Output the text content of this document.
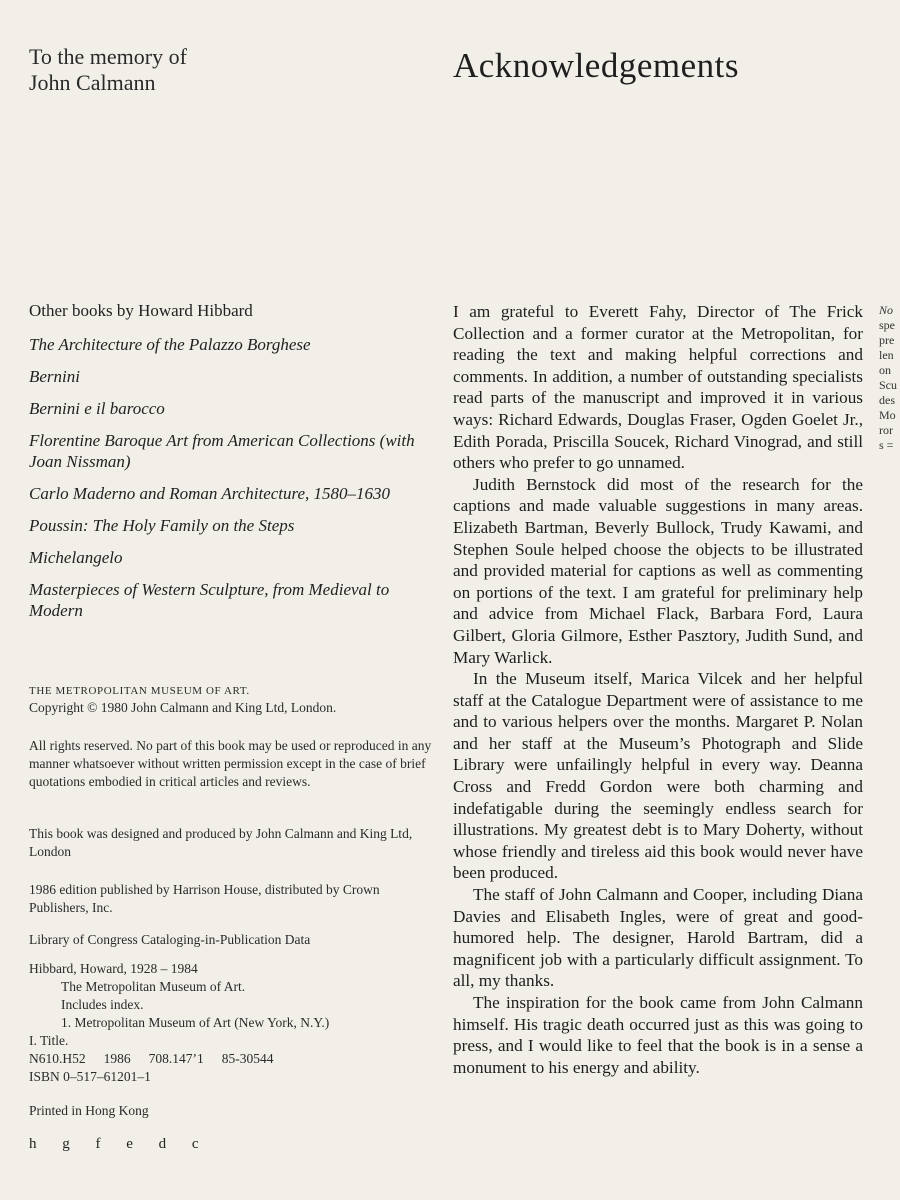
To the memory of
John Calmann	Acknowledgements
Other books by Howard Hibbard
The Architecture of the Palazzo Borghese
Bernini
Bernini e il barocco
Florentine Baroque Art from American Collections (with Joan Nissman)
Carlo Maderno and Roman Architecture, 1580–1630
Poussin: The Holy Family on the Steps
Michelangelo
Masterpieces of Western Sculpture, from Medieval to Modern
THE METROPOLITAN MUSEUM OF ART.
Copyright © 1980 John Calmann and King Ltd, London.
All rights reserved. No part of this book may be used or reproduced in any manner whatsoever without written permission except in the case of brief quotations embodied in critical articles and reviews.
This book was designed and produced by John Calmann and King Ltd, London
1986 edition published by Harrison House, distributed by Crown Publishers, Inc.
Library of Congress Cataloging-in-Publication Data
Hibbard, Howard, 1928 – 1984
The Metropolitan Museum of Art.
Includes index.
1. Metropolitan Museum of Art (New York, N.Y.)
I. Title.
N610.H52 1986 708.147’1 85-30544
ISBN 0–517–61201–1
Printed in Hong Kong
h g f e d c

I am grateful to Everett Fahy, Director of The Frick Collection and a former curator at the Metropolitan, for reading the text and making helpful corrections and comments. In addition, a number of outstanding specialists read parts of the manuscript and improved it in various ways: Richard Edwards, Douglas Fraser, Ogden Goelet Jr., Edith Porada, Priscilla Soucek, Richard Vinograd, and still others who prefer to go unnamed.

Judith Bernstock did most of the research for the captions and made valuable suggestions in many areas. Elizabeth Bartman, Beverly Bullock, Trudy Kawami, and Stephen Soule helped choose the objects to be illustrated and provided material for captions as well as commenting on portions of the text. I am grateful for preliminary help and advice from Michael Flack, Barbara Ford, Laura Gilbert, Gloria Gilmore, Esther Pasztory, Judith Sund, and Mary Warlick.

In the Museum itself, Marica Vilcek and her helpful staff at the Catalogue Department were of assistance to me and to various helpers over the months. Margaret P. Nolan and her staff at the Museum’s Photograph and Slide Library were unfailingly helpful in every way. Deanna Cross and Fredd Gordon were both charming and indefatigable during the seemingly endless search for illustrations. My greatest debt is to Mary Doherty, without whose friendly and tireless aid this book would never have been produced.

The staff of John Calmann and Cooper, including Diana Davies and Elisabeth Ingles, were of great and good-humored help. The designer, Harold Bartram, did a magnificent job with a particularly difficult assignment. To all, my thanks.

The inspiration for the book came from John Calmann himself. His tragic death occurred just as this was going to press, and I would like to feel that the book is in a sense a monument to his energy and ability.

No
spe
pre
len
on
Scu
des
Mo
ror
s =
